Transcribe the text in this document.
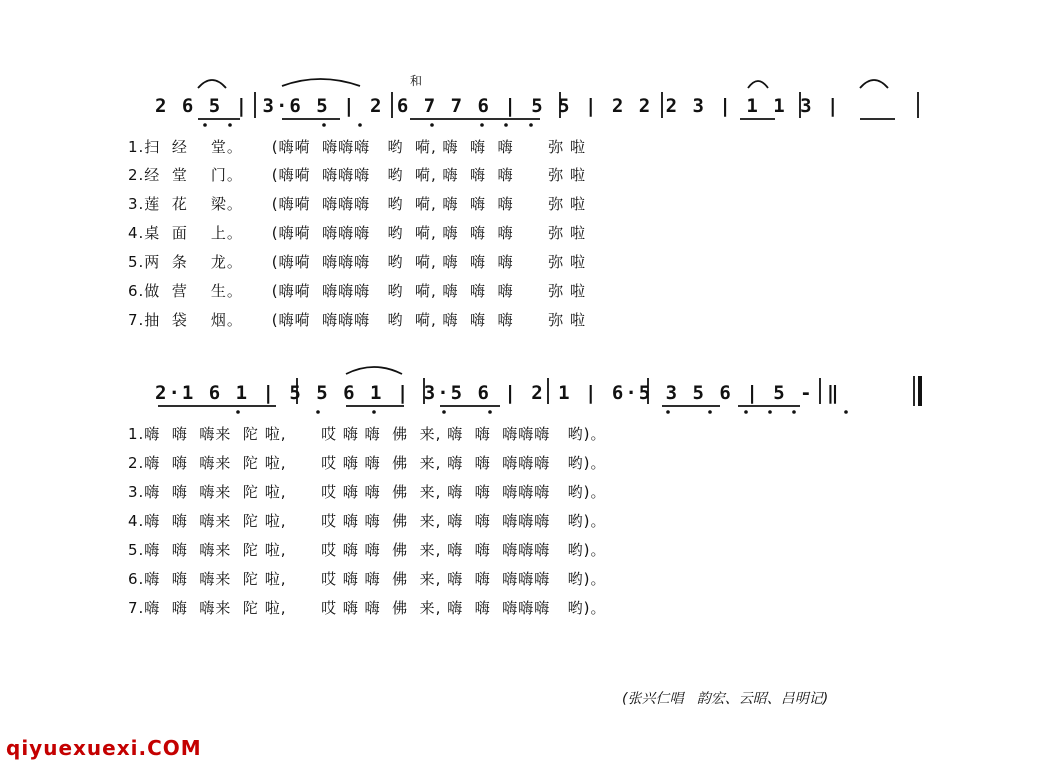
和
2 6 5 | 3·6 5 | 2 6 7 7 6 | 5 5 | 2 2 2 3 | 1 1 3 |
1.扫  经    堂。     (嗨嗬  嗨嗨嗨   哟  嗬, 嗨  嗨  嗨      弥 啦
2.经  堂    门。     (嗨嗬  嗨嗨嗨   哟  嗬, 嗨  嗨  嗨      弥 啦
3.莲  花    梁。     (嗨嗬  嗨嗨嗨   哟  嗬, 嗨  嗨  嗨      弥 啦
4.桌  面    上。     (嗨嗬  嗨嗨嗨   哟  嗬, 嗨  嗨  嗨      弥 啦
5.两  条    龙。     (嗨嗬  嗨嗨嗨   哟  嗬, 嗨  嗨  嗨      弥 啦
6.做  营    生。     (嗨嗬  嗨嗨嗨   哟  嗬, 嗨  嗨  嗨      弥 啦
7.抽  袋    烟。     (嗨嗬  嗨嗨嗨   哟  嗬, 嗨  嗨  嗨      弥 啦
2·1 6 1 | 5 5 6 1 | 3·5 6 | 2 1 | 6·5 3 5 6 | 5 - ‖
1.嗨  嗨  嗨来  陀 啦,      哎 嗨 嗨  佛  来, 嗨  嗨  嗨嗨嗨   哟)。
2.嗨  嗨  嗨来  陀 啦,      哎 嗨 嗨  佛  来, 嗨  嗨  嗨嗨嗨   哟)。
3.嗨  嗨  嗨来  陀 啦,      哎 嗨 嗨  佛  来, 嗨  嗨  嗨嗨嗨   哟)。
4.嗨  嗨  嗨来  陀 啦,      哎 嗨 嗨  佛  来, 嗨  嗨  嗨嗨嗨   哟)。
5.嗨  嗨  嗨来  陀 啦,      哎 嗨 嗨  佛  来, 嗨  嗨  嗨嗨嗨   哟)。
6.嗨  嗨  嗨来  陀 啦,      哎 嗨 嗨  佛  来, 嗨  嗨  嗨嗨嗨   哟)。
7.嗨  嗨  嗨来  陀 啦,      哎 嗨 嗨  佛  来, 嗨  嗨  嗨嗨嗨   哟)。
(张兴仁唱   韵宏、云昭、吕明记)
qiyuexuexi.COM
